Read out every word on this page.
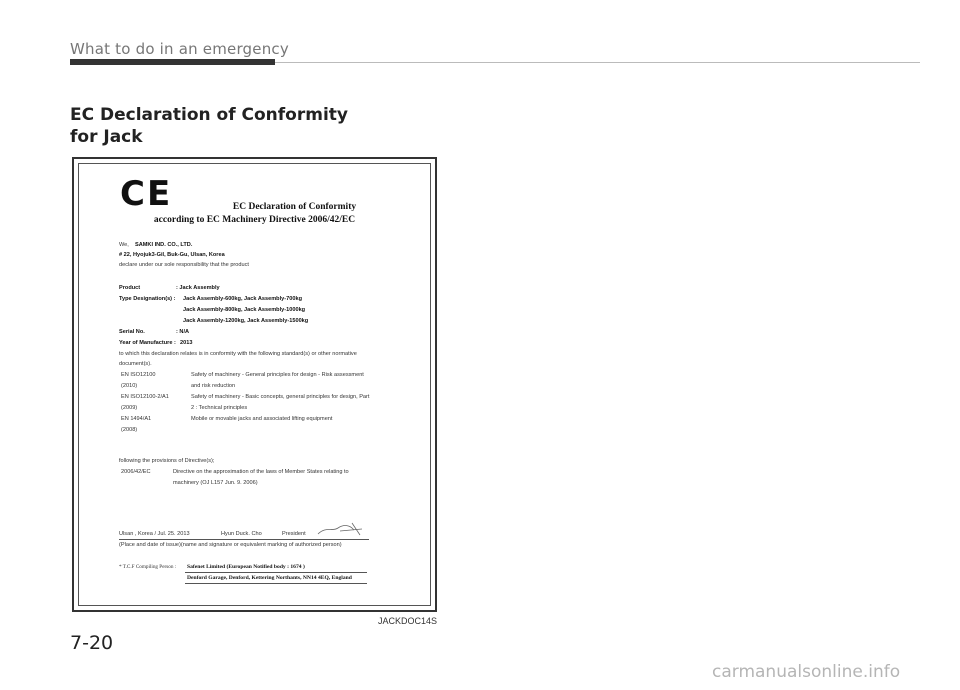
What to do in an emergency
EC Declaration of Conformity
for Jack
CE	EC Declaration of Conformity
according to EC Machinery Directive 2006/42/EC
We, SAMKI IND. CO., LTD.
# 22, Hyojuk3-Gil, Buk-Gu, Ulsan, Korea
declare under our sole responsibility that the product
Product	: Jack Assembly
Type Designation(s) : Jack Assembly-600kg, Jack Assembly-700kg
Jack Assembly-800kg, Jack Assembly-1000kg
Jack Assembly-1200kg, Jack Assembly-1500kg
Serial No.	: N/A
Year of Manufacture : 2013
to which this declaration relates is in conformity with the following standard(s) or other normative
document(s).
EN ISO12100	Safety of machinery - General principles for design - Risk assessment
(2010)	and risk reduction
EN ISO12100-2/A1	Safety of machinery - Basic concepts, general principles for design, Part
(2009)	2 : Technical principles
EN 1494/A1	Mobile or movable jacks and associated lifting equipment
(2008)
following the provisions of Directive(s);
2006/42/EC	Directive on the approximation of the laws of Member States relating to
machinery (OJ L157 Jun. 9. 2006)
Ulsan , Korea / Jul. 25. 2013	Hyun Duck. Cho	President
(Place and date of issue)(name and signature or equivalent marking of authorized person)
* T.C.F Compiling Person : Safenet Limited (European Notified body : 1674 )
Denford Garage, Denford, Kettering Northants, NN14 4EQ, England
JACKDOC14S
7-20
carmanualsonline.info
